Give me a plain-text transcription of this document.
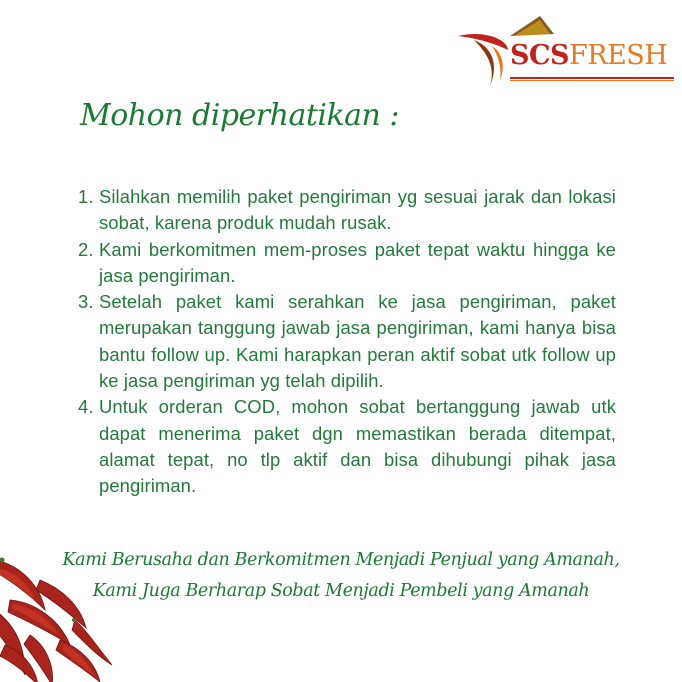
SCSFRESH
Mohon diperhatikan :
1. Silahkan memilih paket pengiriman yg sesuai jarak dan lokasi sobat, karena produk mudah rusak.
2. Kami berkomitmen mem-proses paket tepat waktu hingga ke jasa pengiriman.
3. Setelah paket kami serahkan ke jasa pengiriman, paket merupakan tanggung jawab jasa pengiriman, kami hanya bisa bantu follow up. Kami harapkan peran aktif sobat utk follow up ke jasa pengiriman yg telah dipilih.
4. Untuk orderan COD, mohon sobat bertanggung jawab utk dapat menerima paket dgn memastikan berada ditempat, alamat tepat, no tlp aktif dan bisa dihubungi pihak jasa pengiriman.
Kami Berusaha dan Berkomitmen Menjadi Penjual yang Amanah,
Kami Juga Berharap Sobat Menjadi Pembeli yang Amanah
